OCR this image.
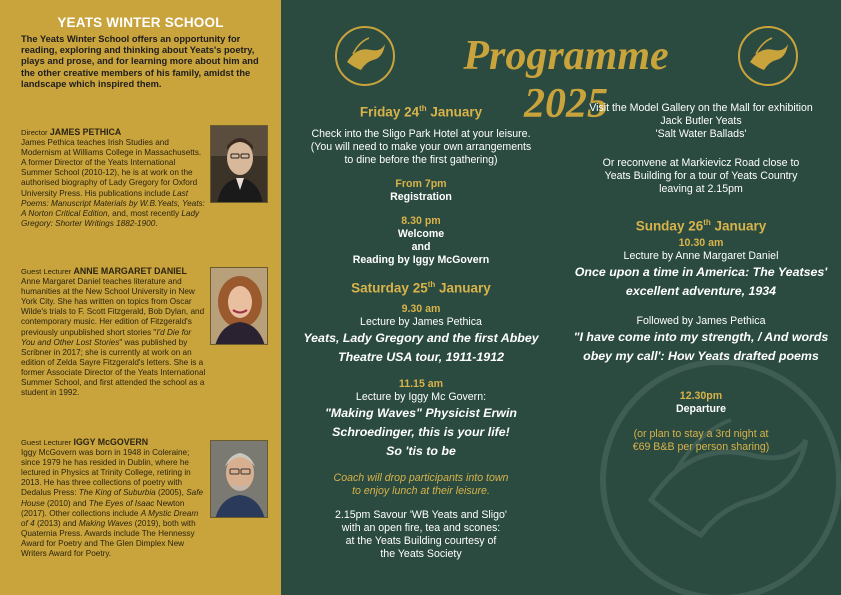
YEATS WINTER SCHOOL

The Yeats Winter School offers an opportunity for reading, exploring and thinking about Yeats's poetry, plays and prose, and for learning more about him and the other creative members of his family, amidst the landscape which inspired them.

Director JAMES PETHICA
James Pethica teaches Irish Studies and Modernism at Williams College in Massachusetts. A former Director of the Yeats International Summer School (2010-12), he is at work on the authorised biography of Lady Gregory for Oxford University Press. His publications include Last Poems: Manuscript Materials by W.B.Yeats, Yeats: A Norton Critical Edition, and, most recently Lady Gregory: Shorter Writings 1882-1900.
Guest Lecturer ANNE MARGARET DANIEL
Anne Margaret Daniel teaches literature and humanities at the New School University in New York City. She has written on topics from Oscar Wilde's trials to F. Scott Fitzgerald, Bob Dylan, and contemporary music. Her edition of Fitzgerald's previously unpublished short stories "I'd Die for You and Other Lost Stories" was published by Scribner in 2017; she is currently at work on an edition of Zelda Sayre Fitzgerald's letters. She is a former Associate Director of the Yeats International Summer School, and first attended the school as a student in 1992.
Guest Lecturer IGGY McGOVERN
Iggy McGovern was born in 1948 in Coleraine; since 1979 he has resided in Dublin, where he lectured in Physics at Trinity College, retiring in 2013. He has three collections of poetry with Dedalus Press: The King of Suburbia (2005), Safe House (2010) and The Eyes of Isaac Newton (2017). Other collections include A Mystic Dream of 4 (2013) and Making Waves (2019), both with Quaternia Press. Awards include The Hennessy Award for Poetry and The Glen Dimplex New Writers Award for Poetry.
Programme 2025
Friday 24th January
Check into the Sligo Park Hotel at your leisure.
(You will need to make your own arrangements
to dine before the first gathering)
From 7pm
Registration
8.30 pm
Welcome
and
Reading by Iggy McGovern
Saturday 25th January
9.30 am
Lecture by James Pethica
Yeats, Lady Gregory and the first Abbey
Theatre USA tour, 1911-1912
11.15 am
Lecture by Iggy Mc Govern:
"Making Waves" Physicist Erwin
Schroedinger, this is your life!
So 'tis to be
Coach will drop participants into town
to enjoy lunch at their leisure.
2.15pm Savour 'WB Yeats and Sligo'
with an open fire, tea and scones:
at the Yeats Building courtesy of
the Yeats Society
Visit the Model Gallery on the Mall for exhibition
Jack Butler Yeats
'Salt Water Ballads'
Or reconvene at Markievicz Road close to
Yeats Building for a tour of Yeats Country
leaving at 2.15pm
Sunday 26th January
10.30 am
Lecture by Anne Margaret Daniel
Once upon a time in America: The Yeatses'
excellent adventure, 1934
Followed by James Pethica
"I have come into my strength, / And words
obey my call': How Yeats drafted poems
12.30pm
Departure
(or plan to stay a 3rd night at
€69 B&B per person sharing)
